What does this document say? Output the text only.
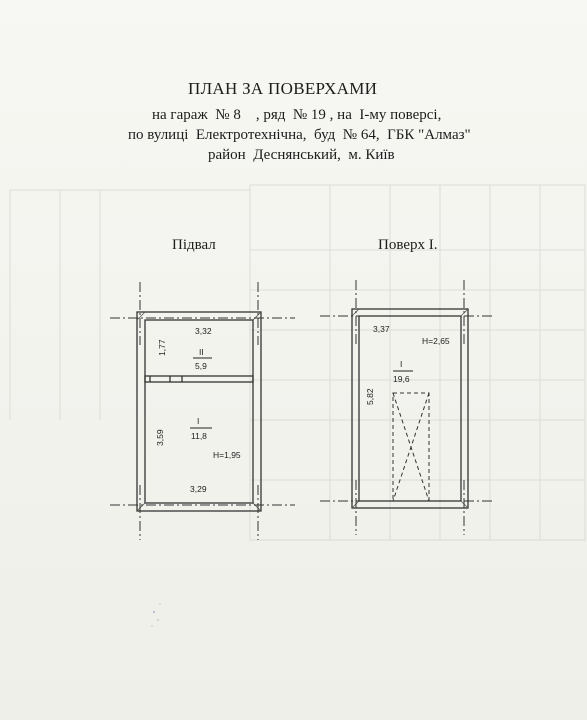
ПЛАН ЗА ПОВЕРХАМИ
на гараж  № 8    , ряд  № 19 , на  І-му поверсі,
по вулиці  Електротехнічна,  буд  № 64,  ГБК "Алмаз"
район  Деснянський,  м. Київ
Підвал	Поверх І.
3,32
1,77	II
5,9
3,59
I
11,8
H=1,95
3,29
3,37
H=2,65
I
19,6
5,82
